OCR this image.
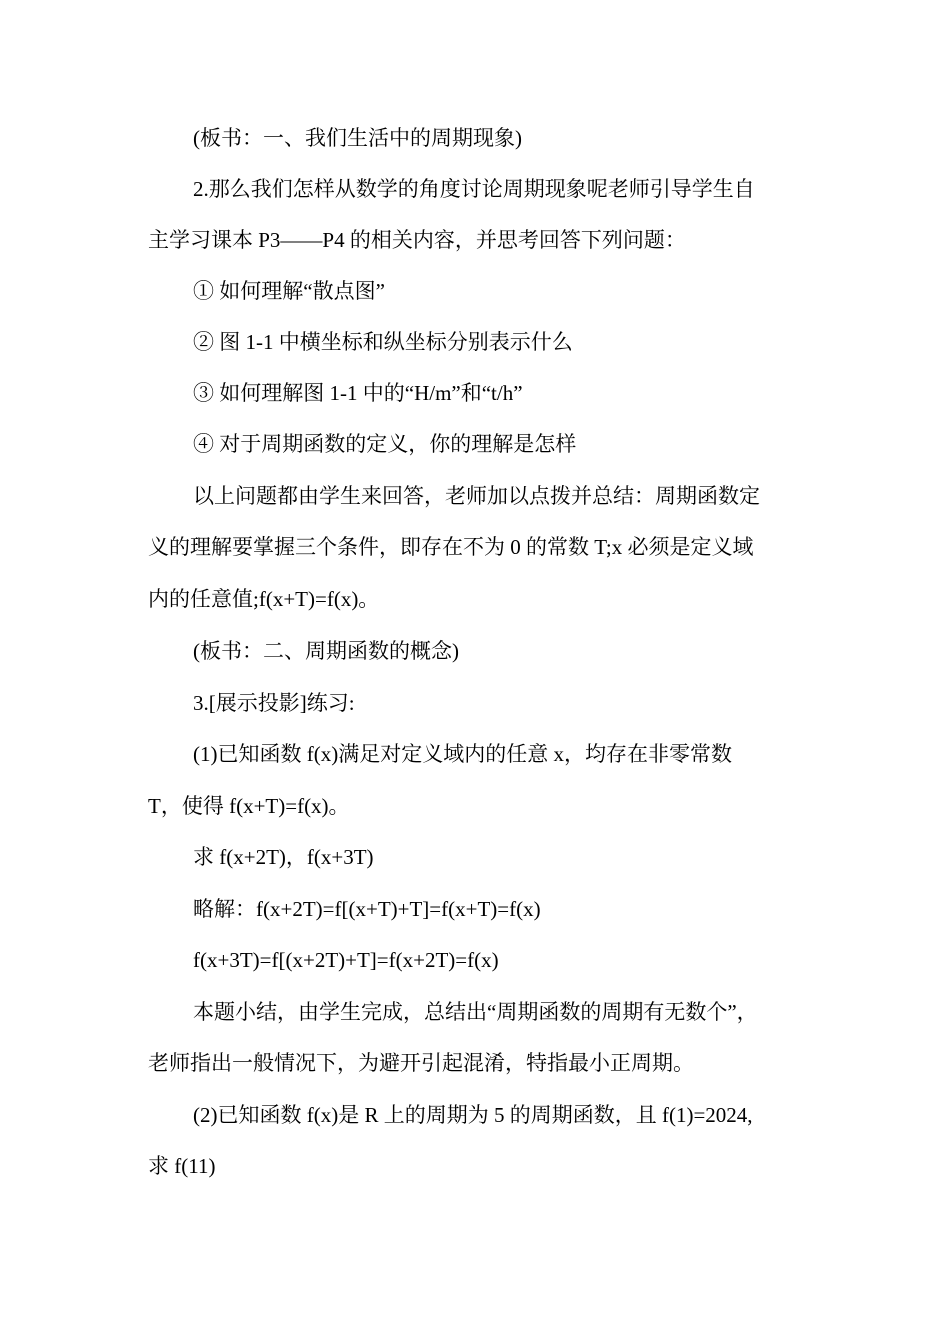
(板书：一、我们生活中的周期现象)
2.那么我们怎样从数学的角度讨论周期现象呢老师引导学生自
主学习课本 P3——P4 的相关内容，并思考回答下列问题：
① 如何理解“散点图”
② 图 1-1 中横坐标和纵坐标分别表示什么
③ 如何理解图 1-1 中的“H/m”和“t/h”
④ 对于周期函数的定义，你的理解是怎样
以上问题都由学生来回答，老师加以点拨并总结：周期函数定
义的理解要掌握三个条件，即存在不为 0 的常数 T;x 必须是定义域
内的任意值;f(x+T)=f(x)。
(板书：二、周期函数的概念)
3.[展示投影]练习:
(1)已知函数 f(x)满足对定义域内的任意 x，均存在非零常数
T，使得 f(x+T)=f(x)。
求 f(x+2T)，f(x+3T)
略解：f(x+2T)=f[(x+T)+T]=f(x+T)=f(x)
f(x+3T)=f[(x+2T)+T]=f(x+2T)=f(x)
本题小结，由学生完成，总结出“周期函数的周期有无数个”，
老师指出一般情况下，为避开引起混淆，特指最小正周期。
(2)已知函数 f(x)是 R 上的周期为 5 的周期函数，且 f(1)=2024,
求 f(11)
